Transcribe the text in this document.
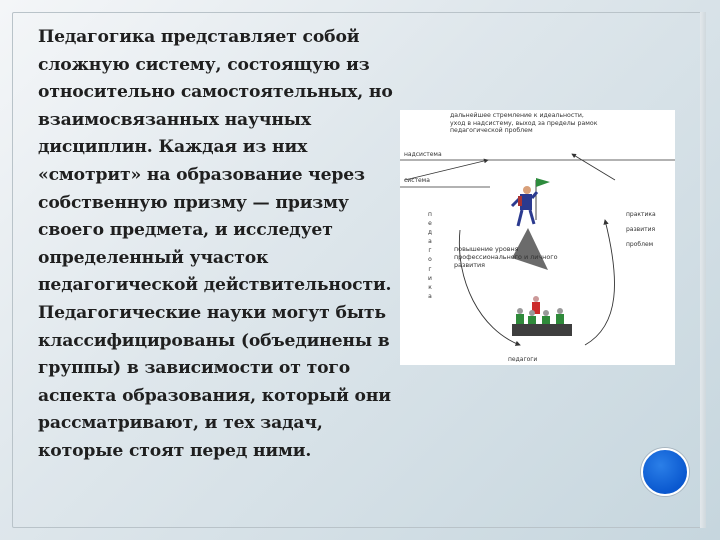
Педагогика представляет собой
сложную систему, состоящую из
относительно самостоятельных, но
взаимосвязанных научных
дисциплин. Каждая из них
«смотрит» на образование через
собственную призму — призму
своего предмета, и исследует
определенный участок
педагогической действительности.
Педагогические науки могут быть
классифицированы (объединены в
группы) в зависимости от того
аспекта образования, который они
рассматривают, и тех задач,
которые стоят перед ними.

дальнейшее стремление к идеальности,
уход в надсистему, выход за пределы рамок
педагогической проблем
надсистема
система
п
е
д
а
г
о
г
и
к
а
практика
развития
проблем
повышение уровня
профессионального и личного
развития
педагоги
